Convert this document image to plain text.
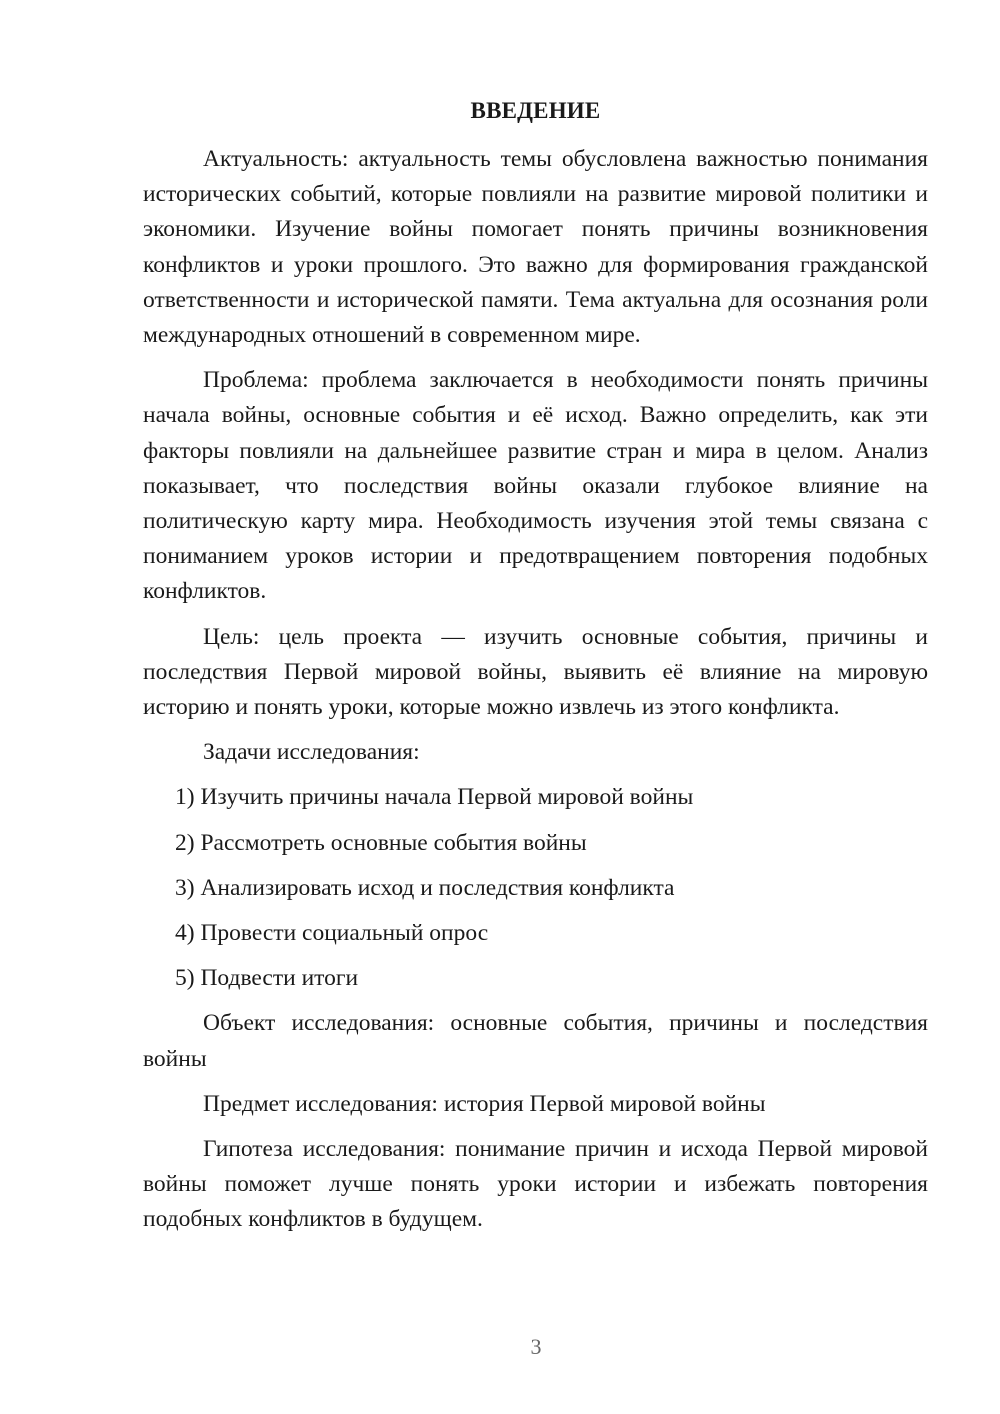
ВВЕДЕНИЕ

Актуальность: актуальность темы обусловлена важностью понимания исторических событий, которые повлияли на развитие мировой политики и экономики. Изучение войны помогает понять причины возникновения конфликтов и уроки прошлого. Это важно для формирования гражданской ответственности и исторической памяти. Тема актуальна для осознания роли международных отношений в современном мире.

Проблема: проблема заключается в необходимости понять причины начала войны, основные события и её исход. Важно определить, как эти факторы повлияли на дальнейшее развитие стран и мира в целом. Анализ показывает, что последствия войны оказали глубокое влияние на политическую карту мира. Необходимость изучения этой темы связана с пониманием уроков истории и предотвращением повторения подобных конфликтов.

Цель: цель проекта — изучить основные события, причины и последствия Первой мировой войны, выявить её влияние на мировую историю и понять уроки, которые можно извлечь из этого конфликта.

Задачи исследования:

1) Изучить причины начала Первой мировой войны

2) Рассмотреть основные события войны

3) Анализировать исход и последствия конфликта

4) Провести социальный опрос

5) Подвести итоги

Объект исследования: основные события, причины и последствия войны

Предмет исследования: история Первой мировой войны

Гипотеза исследования: понимание причин и исхода Первой мировой войны поможет лучше понять уроки истории и избежать повторения подобных конфликтов в будущем.

3
